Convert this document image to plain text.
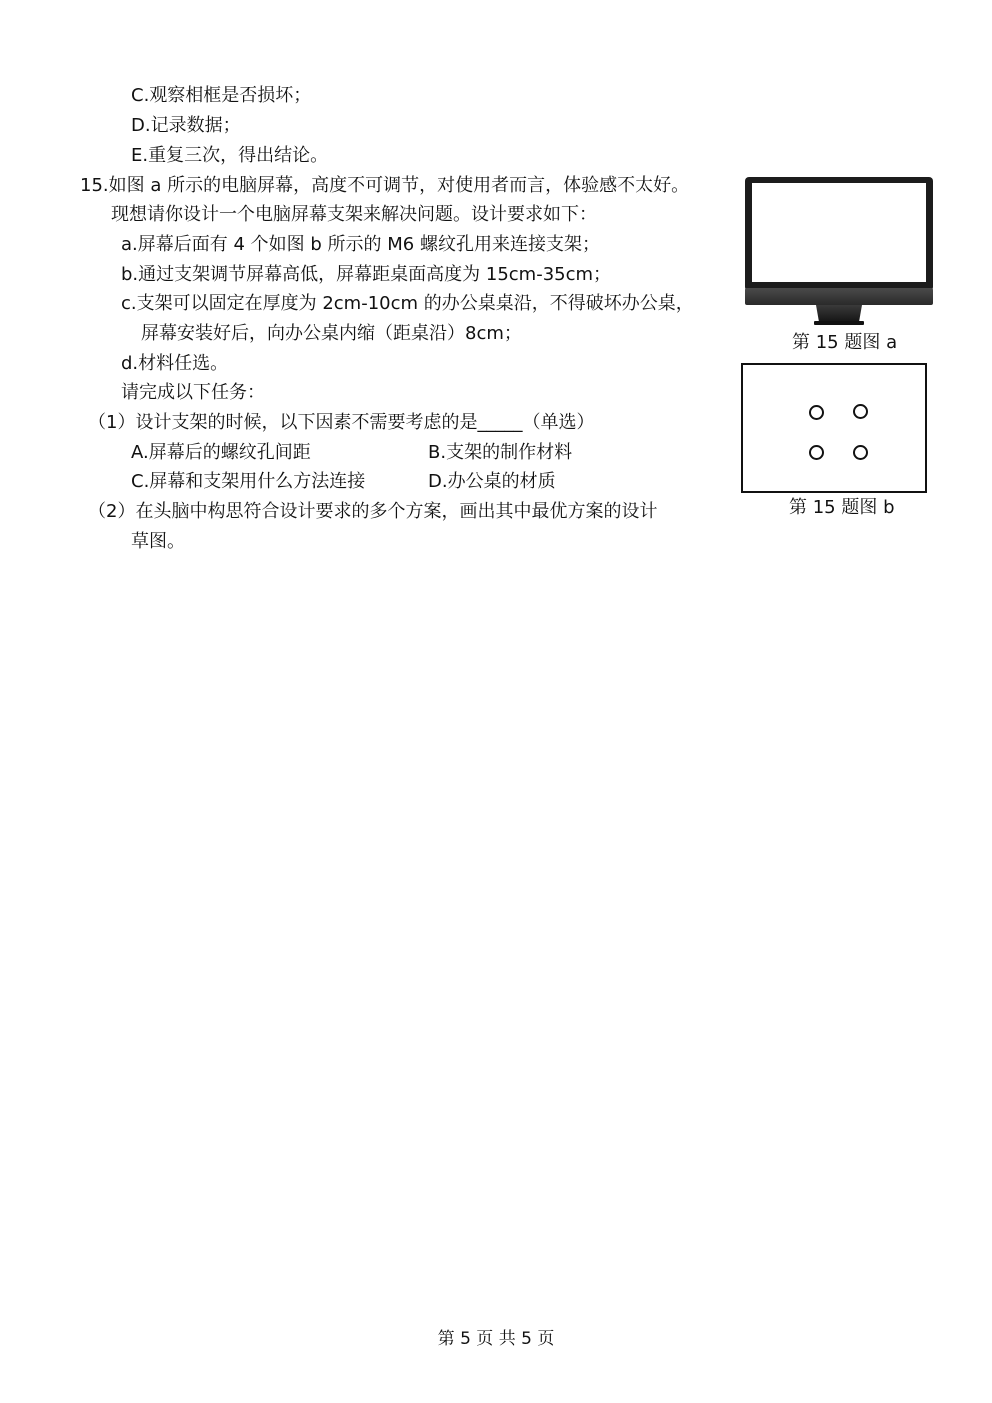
C.观察相框是否损坏；
D.记录数据；
E.重复三次，得出结论。
15.如图 a 所示的电脑屏幕，高度不可调节，对使用者而言，体验感不太好。
现想请你设计一个电脑屏幕支架来解决问题。设计要求如下：
a.屏幕后面有 4 个如图 b 所示的 M6 螺纹孔用来连接支架；
b.通过支架调节屏幕高低，屏幕距桌面高度为 15cm-35cm；
c.支架可以固定在厚度为 2cm-10cm 的办公桌桌沿，不得破坏办公桌，
屏幕安装好后，向办公桌内缩（距桌沿）8cm；
d.材料任选。
请完成以下任务：
（1）设计支架的时候，以下因素不需要考虑的是_____（单选）
A.屏幕后的螺纹孔间距	B.支架的制作材料
C.屏幕和支架用什么方法连接	D.办公桌的材质
（2）在头脑中构思符合设计要求的多个方案，画出其中最优方案的设计
草图。
第 15 题图 a
第 15 题图 b
第 5 页 共 5 页
